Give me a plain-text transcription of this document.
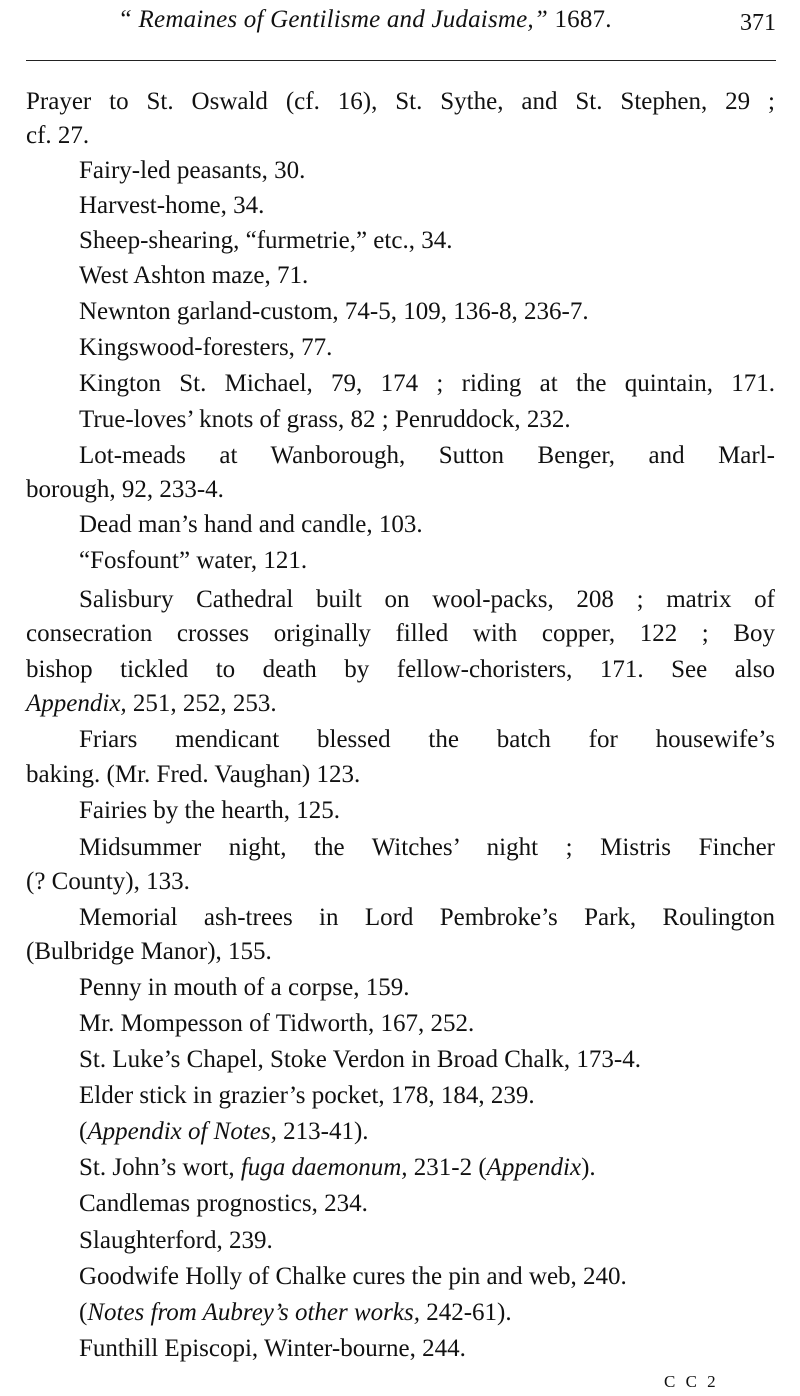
“ Remaines of Gentilisme and Judaisme,” 1687.	371
Prayer to St. Oswald (cf. 16), St. Sythe, and St. Stephen, 29 ;
cf. 27.
Fairy-led peasants, 30.
Harvest-home, 34.
Sheep-shearing, “furmetrie,” etc., 34.
West Ashton maze, 71.
Newnton garland-custom, 74-5, 109, 136-8, 236-7.
Kingswood-foresters, 77.
Kington St. Michael, 79, 174 ; riding at the quintain, 171.
True-loves’ knots of grass, 82 ; Penruddock, 232.
Lot-meads at Wanborough, Sutton Benger, and Marl-
borough, 92, 233-4.
Dead man’s hand and candle, 103.
“Fosfount” water, 121.
Salisbury Cathedral built on wool-packs, 208 ; matrix of
consecration crosses originally filled with copper, 122 ; Boy
bishop tickled to death by fellow-choristers, 171. See also
Appendix, 251, 252, 253.
Friars mendicant blessed the batch for housewife’s
baking. (Mr. Fred. Vaughan) 123.
Fairies by the hearth, 125.
Midsummer night, the Witches’ night ; Mistris Fincher
(? County), 133.
Memorial ash-trees in Lord Pembroke’s Park, Roulington
(Bulbridge Manor), 155.
Penny in mouth of a corpse, 159.
Mr. Mompesson of Tidworth, 167, 252.
St. Luke’s Chapel, Stoke Verdon in Broad Chalk, 173-4.
Elder stick in grazier’s pocket, 178, 184, 239.
(Appendix of Notes, 213-41).
St. John’s wort, fuga daemonum, 231-2 (Appendix).
Candlemas prognostics, 234.
Slaughterford, 239.
Goodwife Holly of Chalke cures the pin and web, 240.
(Notes from Aubrey’s other works, 242-61).
Funthill Episcopi, Winter-bourne, 244.
C C 2
